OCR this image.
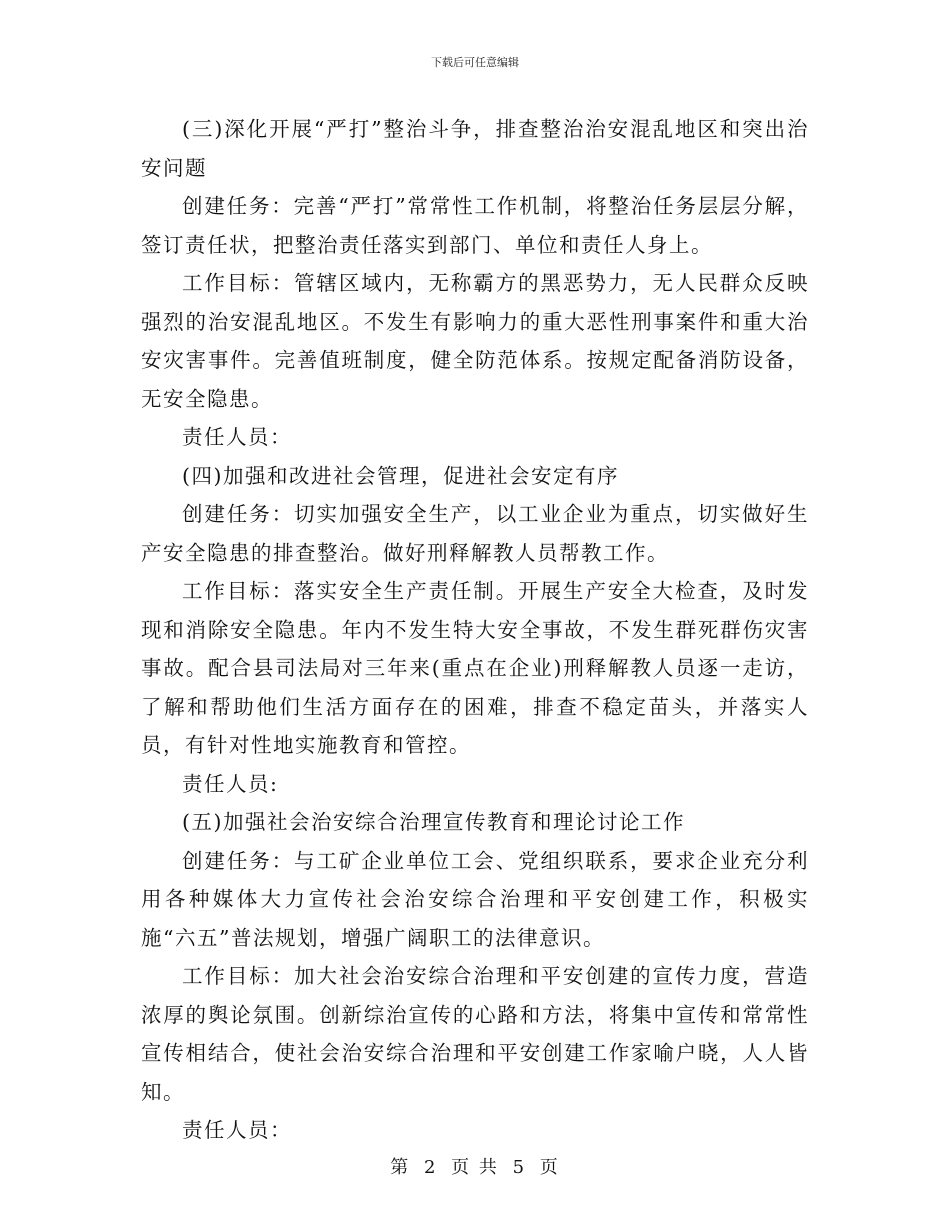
下载后可任意编辑

(三)深化开展“严打”整治斗争，排查整治治安混乱地区和突出治安问题

创建任务：完善“严打”常常性工作机制，将整治任务层层分解，签订责任状，把整治责任落实到部门、单位和责任人身上。

工作目标：管辖区域内，无称霸方的黑恶势力，无人民群众反映强烈的治安混乱地区。不发生有影响力的重大恶性刑事案件和重大治安灾害事件。完善值班制度，健全防范体系。按规定配备消防设备，无安全隐患。

责任人员：

(四)加强和改进社会管理，促进社会安定有序

创建任务：切实加强安全生产，以工业企业为重点，切实做好生产安全隐患的排查整治。做好刑释解教人员帮教工作。

工作目标：落实安全生产责任制。开展生产安全大检查，及时发现和消除安全隐患。年内不发生特大安全事故，不发生群死群伤灾害事故。配合县司法局对三年来(重点在企业)刑释解教人员逐一走访，了解和帮助他们生活方面存在的困难，排查不稳定苗头，并落实人员，有针对性地实施教育和管控。

责任人员:

(五)加强社会治安综合治理宣传教育和理论讨论工作

创建任务：与工矿企业单位工会、党组织联系，要求企业充分利用各种媒体大力宣传社会治安综合治理和平安创建工作，积极实施“六五”普法规划，增强广阔职工的法律意识。

工作目标：加大社会治安综合治理和平安创建的宣传力度，营造浓厚的舆论氛围。创新综治宣传的心路和方法，将集中宣传和常常性宣传相结合，使社会治安综合治理和平安创建工作家喻户晓，人人皆知。

责任人员：

第 2 页 共 5 页
